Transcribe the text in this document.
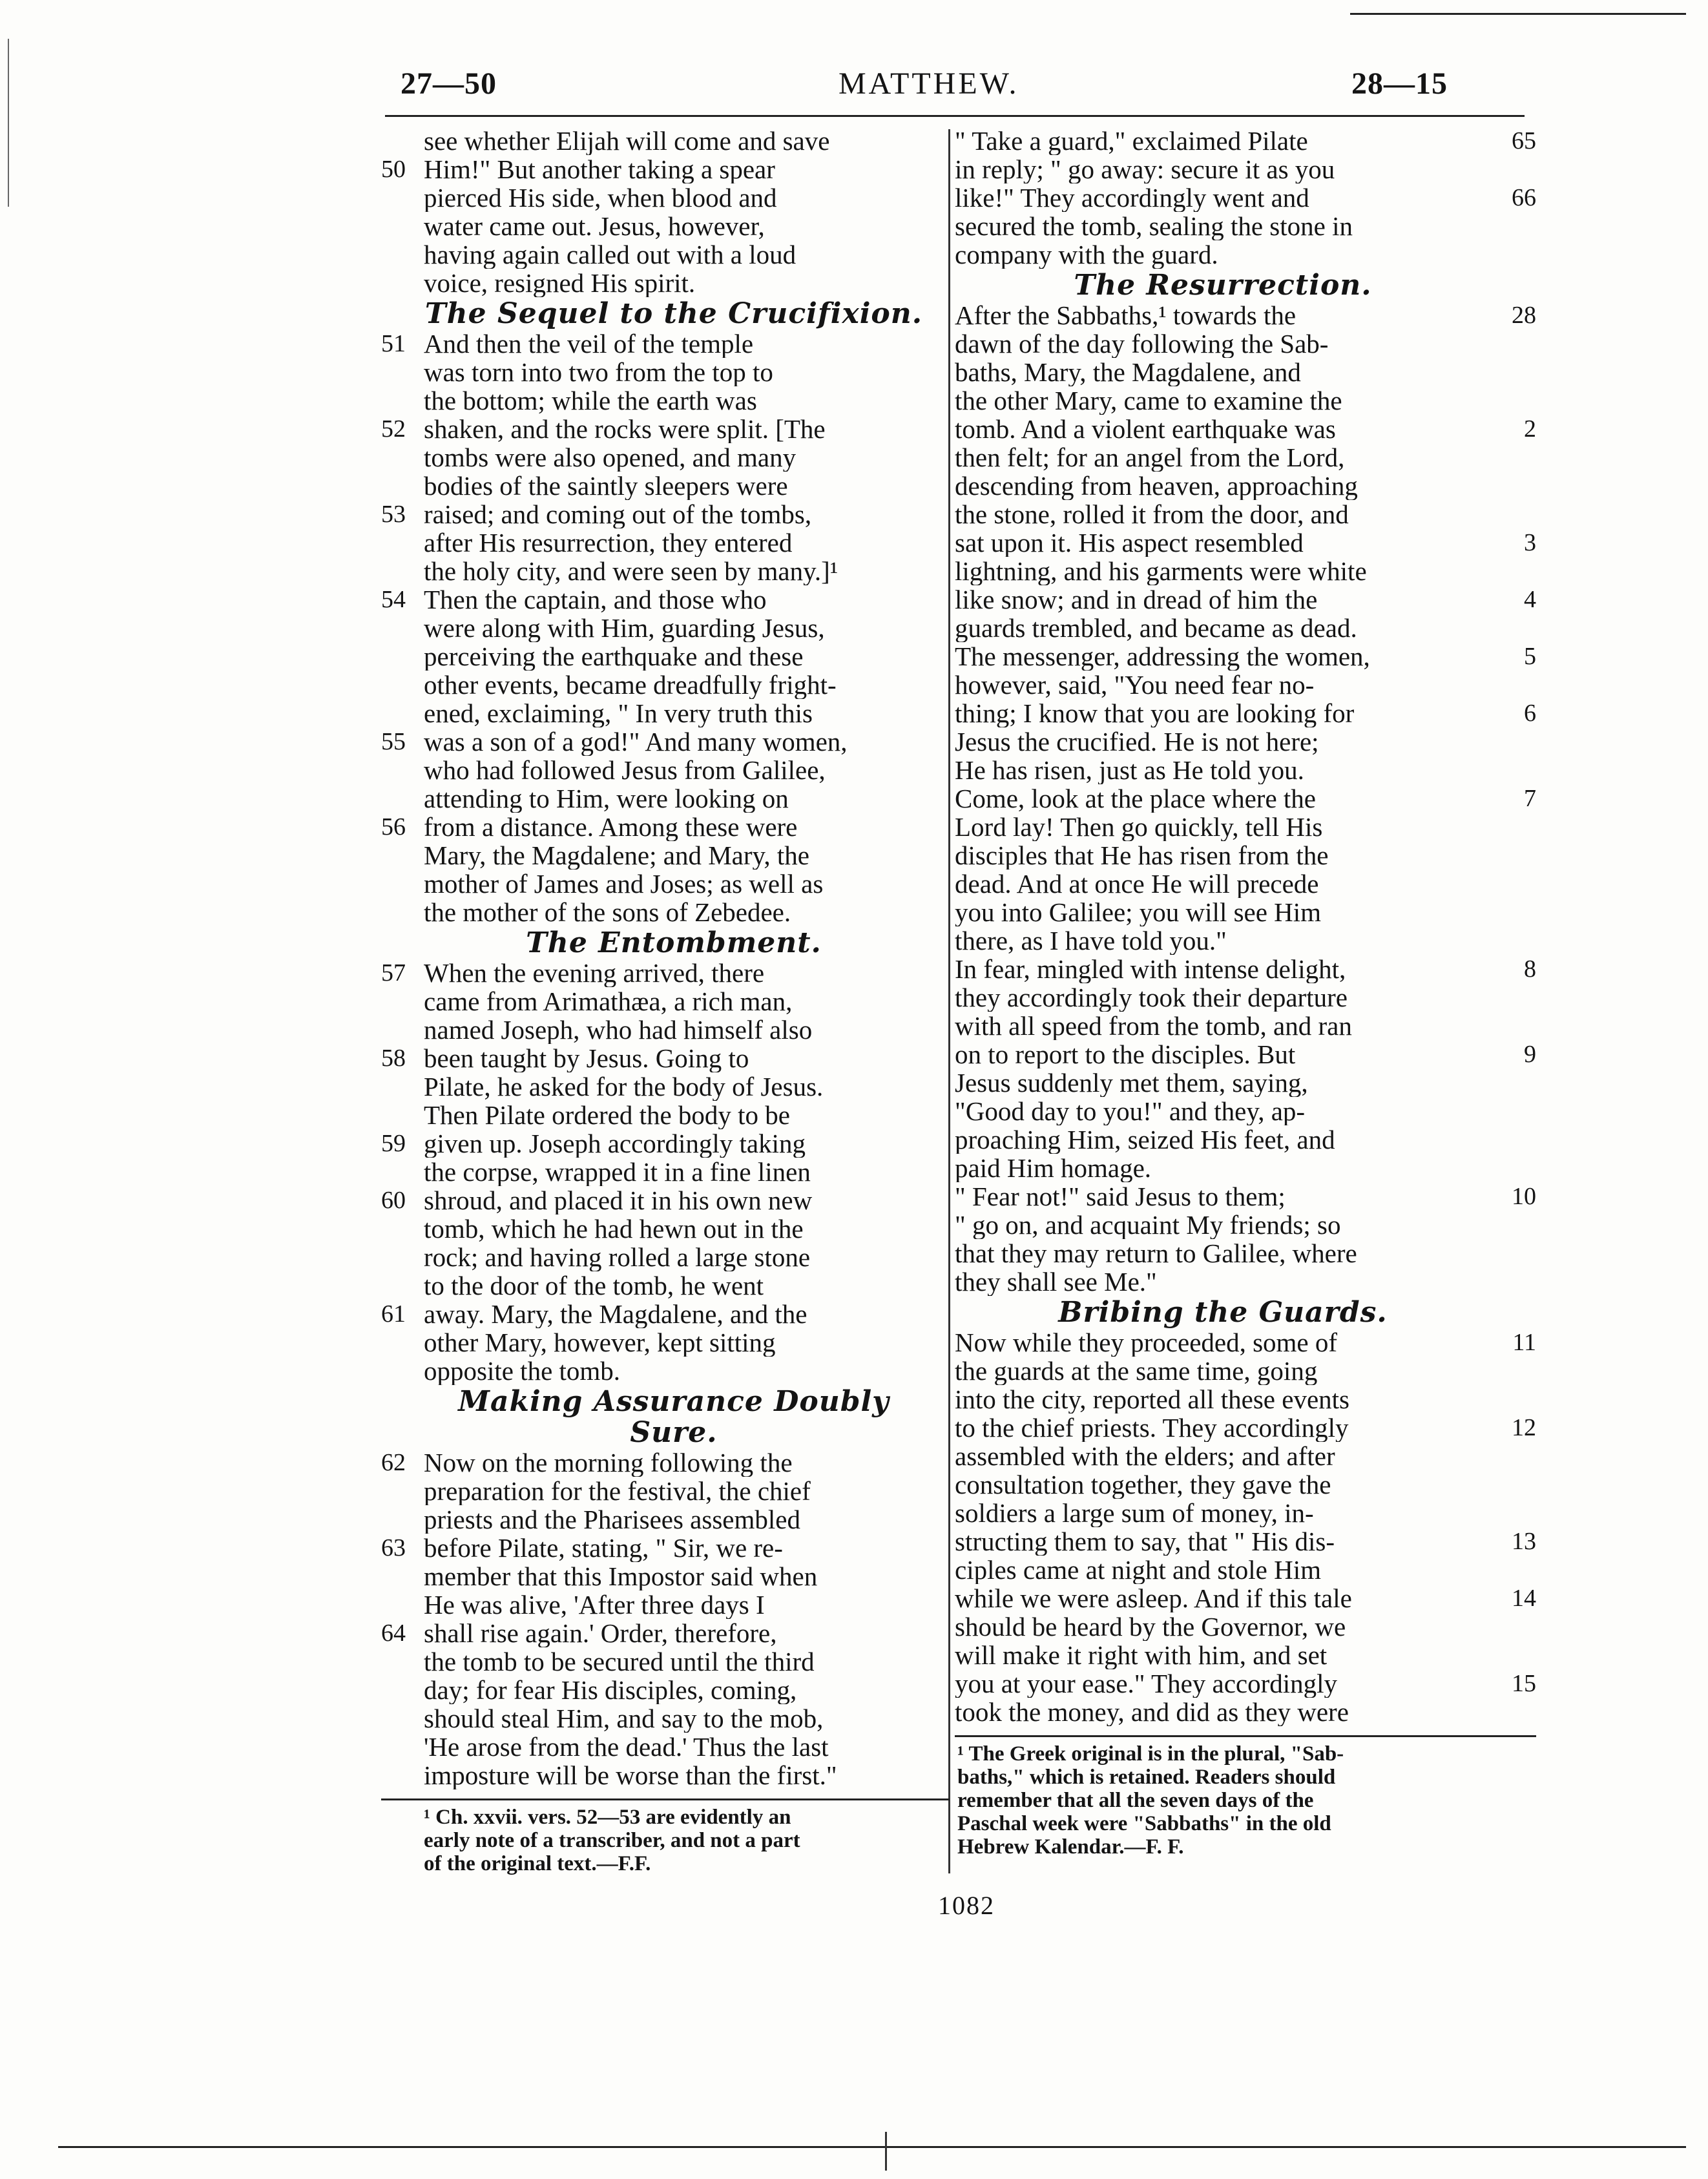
27—50	MATTHEW.	28—15
see whether Elijah will come and save
50 Him!" But another taking a spear
pierced His side, when blood and
water came out. Jesus, however,
having again called out with a loud
voice, resigned His spirit.
The Sequel to the Crucifixion.
51 And then the veil of the temple
was torn into two from the top to
the bottom; while the earth was
52 shaken, and the rocks were split. [The
tombs were also opened, and many
bodies of the saintly sleepers were
53 raised; and coming out of the tombs,
after His resurrection, they entered
the holy city, and were seen by many.]¹
54 Then the captain, and those who
were along with Him, guarding Jesus,
perceiving the earthquake and these
other events, became dreadfully fright-
ened, exclaiming, " In very truth this
55 was a son of a god!" And many women,
who had followed Jesus from Galilee,
attending to Him, were looking on
56 from a distance. Among these were
Mary, the Magdalene; and Mary, the
mother of James and Joses; as well as
the mother of the sons of Zebedee.
The Entombment.
57 When the evening arrived, there
came from Arimathæa, a rich man,
named Joseph, who had himself also
58 been taught by Jesus. Going to
Pilate, he asked for the body of Jesus.
Then Pilate ordered the body to be
59 given up. Joseph accordingly taking
the corpse, wrapped it in a fine linen
60 shroud, and placed it in his own new
tomb, which he had hewn out in the
rock; and having rolled a large stone
to the door of the tomb, he went
61 away. Mary, the Magdalene, and the
other Mary, however, kept sitting
opposite the tomb.
Making Assurance Doubly Sure.
62 Now on the morning following the
preparation for the festival, the chief
priests and the Pharisees assembled
63 before Pilate, stating, " Sir, we re-
member that this Impostor said when
He was alive, 'After three days I
64 shall rise again.' Order, therefore,
the tomb to be secured until the third
day; for fear His disciples, coming,
should steal Him, and say to the mob,
'He arose from the dead.' Thus the last
imposture will be worse than the first."
¹ Ch. xxvii. vers. 52—53 are evidently an
early note of a transcriber, and not a part
of the original text.—F.F.
" Take a guard," exclaimed Pilate	65
in reply; " go away: secure it as you
like!" They accordingly went and	66
secured the tomb, sealing the stone in
company with the guard.
The Resurrection.
After the Sabbaths,¹ towards the	28
dawn of the day following the Sab-
baths, Mary, the Magdalene, and
the other Mary, came to examine the
tomb. And a violent earthquake was	2
then felt; for an angel from the Lord,
descending from heaven, approaching
the stone, rolled it from the door, and
sat upon it. His aspect resembled	3
lightning, and his garments were white
like snow; and in dread of him the	4
guards trembled, and became as dead.
The messenger, addressing the women,	5
however, said, "You need fear no-
thing; I know that you are looking for	6
Jesus the crucified. He is not here;
He has risen, just as He told you.
Come, look at the place where the	7
Lord lay! Then go quickly, tell His
disciples that He has risen from the
dead. And at once He will precede
you into Galilee; you will see Him
there, as I have told you."
In fear, mingled with intense delight,	8
they accordingly took their departure
with all speed from the tomb, and ran
on to report to the disciples. But	9
Jesus suddenly met them, saying,
"Good day to you!" and they, ap-
proaching Him, seized His feet, and
paid Him homage.
" Fear not!" said Jesus to them;	10
" go on, and acquaint My friends; so
that they may return to Galilee, where
they shall see Me."
Bribing the Guards.
Now while they proceeded, some of	11
the guards at the same time, going
into the city, reported all these events
to the chief priests. They accordingly	12
assembled with the elders; and after
consultation together, they gave the
soldiers a large sum of money, in-
structing them to say, that " His dis-	13
ciples came at night and stole Him
while we were asleep. And if this tale	14
should be heard by the Governor, we
will make it right with him, and set
you at your ease." They accordingly	15
took the money, and did as they were
¹ The Greek original is in the plural, "Sab-
baths," which is retained. Readers should
remember that all the seven days of the
Paschal week were "Sabbaths" in the old
Hebrew Kalendar.—F. F.
1082
